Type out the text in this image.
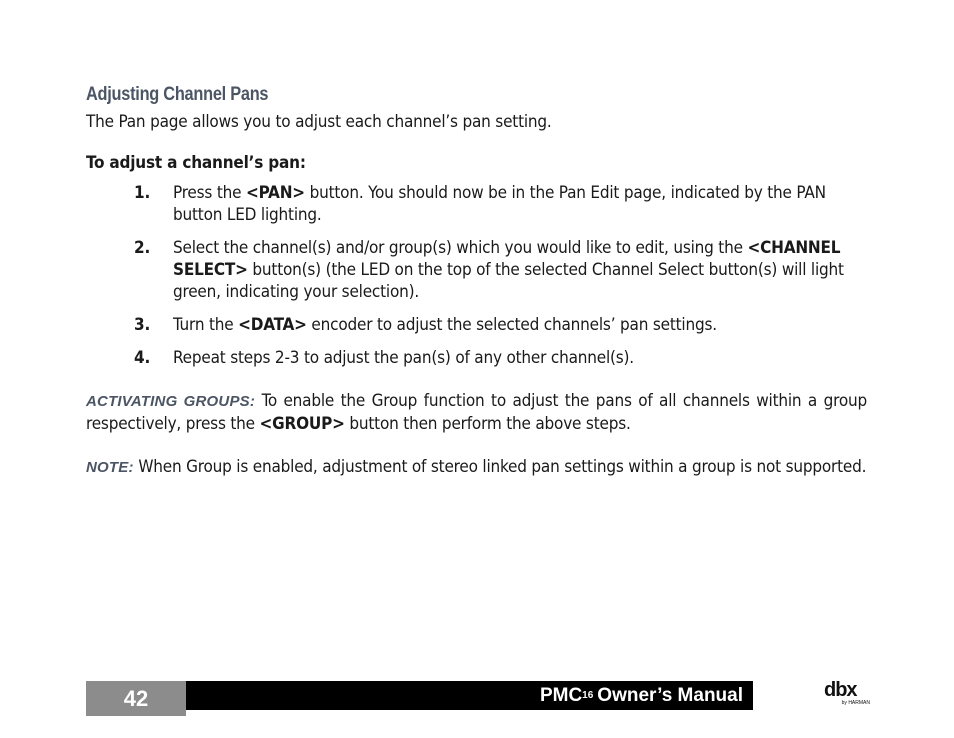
Adjusting Channel Pans
The Pan page allows you to adjust each channel’s pan setting.
To adjust a channel’s pan:
1. Press the <PAN> button. You should now be in the Pan Edit page, indicated by the PAN button LED lighting.
2. Select the channel(s) and/or group(s) which you would like to edit, using the <CHANNEL SELECT> button(s) (the LED on the top of the selected Channel Select button(s) will light green, indicating your selection).
3. Turn the <DATA> encoder to adjust the selected channels’ pan settings.
4. Repeat steps 2-3 to adjust the pan(s) of any other channel(s).
ACTIVATING GROUPS: To enable the Group function to adjust the pans of all channels within a group respectively, press the <GROUP> button then perform the above steps.
NOTE: When Group is enabled, adjustment of stereo linked pan settings within a group is not supported.
42	PMC 16 Owner’s Manual	dbx
by HARMAN
